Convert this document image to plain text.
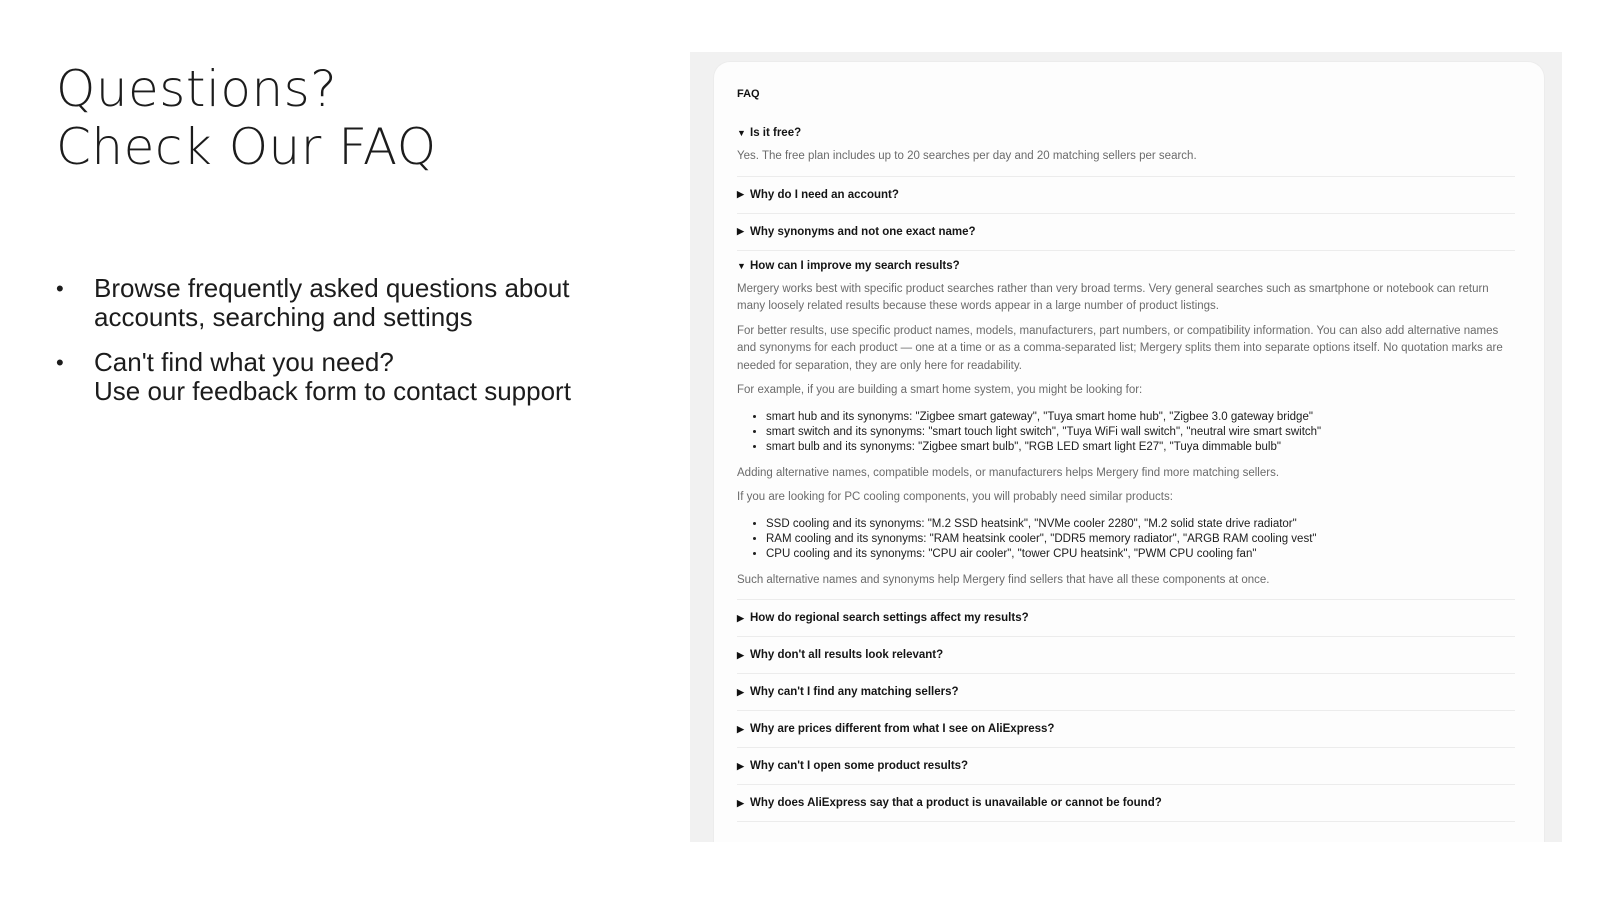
Questions?
Check Our FAQ
• Browse frequently asked questions about
accounts, searching and settings
• Can't find what you need?
Use our feedback form to contact support
FAQ
▼ Is it free?

Yes. The free plan includes up to 20 searches per day and 20 matching sellers per search.

▶ Why do I need an account?
▶ Why synonyms and not one exact name?
▼ How can I improve my search results?

Mergery works best with specific product searches rather than very broad terms. Very general searches such as smartphone or notebook can return many loosely related results because these words appear in a large number of product listings.

For better results, use specific product names, models, manufacturers, part numbers, or compatibility information. You can also add alternative names and synonyms for each product — one at a time or as a comma-separated list; Mergery splits them into separate options itself. No quotation marks are needed for separation, they are only here for readability.

For example, if you are building a smart home system, you might be looking for:

• smart hub and its synonyms: "Zigbee smart gateway", "Tuya smart home hub", "Zigbee 3.0 gateway bridge"
• smart switch and its synonyms: "smart touch light switch", "Tuya WiFi wall switch", "neutral wire smart switch"
• smart bulb and its synonyms: "Zigbee smart bulb", "RGB LED smart light E27", "Tuya dimmable bulb"

Adding alternative names, compatible models, or manufacturers helps Mergery find more matching sellers.

If you are looking for PC cooling components, you will probably need similar products:

• SSD cooling and its synonyms: "M.2 SSD heatsink", "NVMe cooler 2280", "M.2 solid state drive radiator"
• RAM cooling and its synonyms: "RAM heatsink cooler", "DDR5 memory radiator", "ARGB RAM cooling vest"
• CPU cooling and its synonyms: "CPU air cooler", "tower CPU heatsink", "PWM CPU cooling fan"

Such alternative names and synonyms help Mergery find sellers that have all these components at once.

▶ How do regional search settings affect my results?
▶ Why don't all results look relevant?
▶ Why can't I find any matching sellers?
▶ Why are prices different from what I see on AliExpress?
▶ Why can't I open some product results?
▶ Why does AliExpress say that a product is unavailable or cannot be found?
